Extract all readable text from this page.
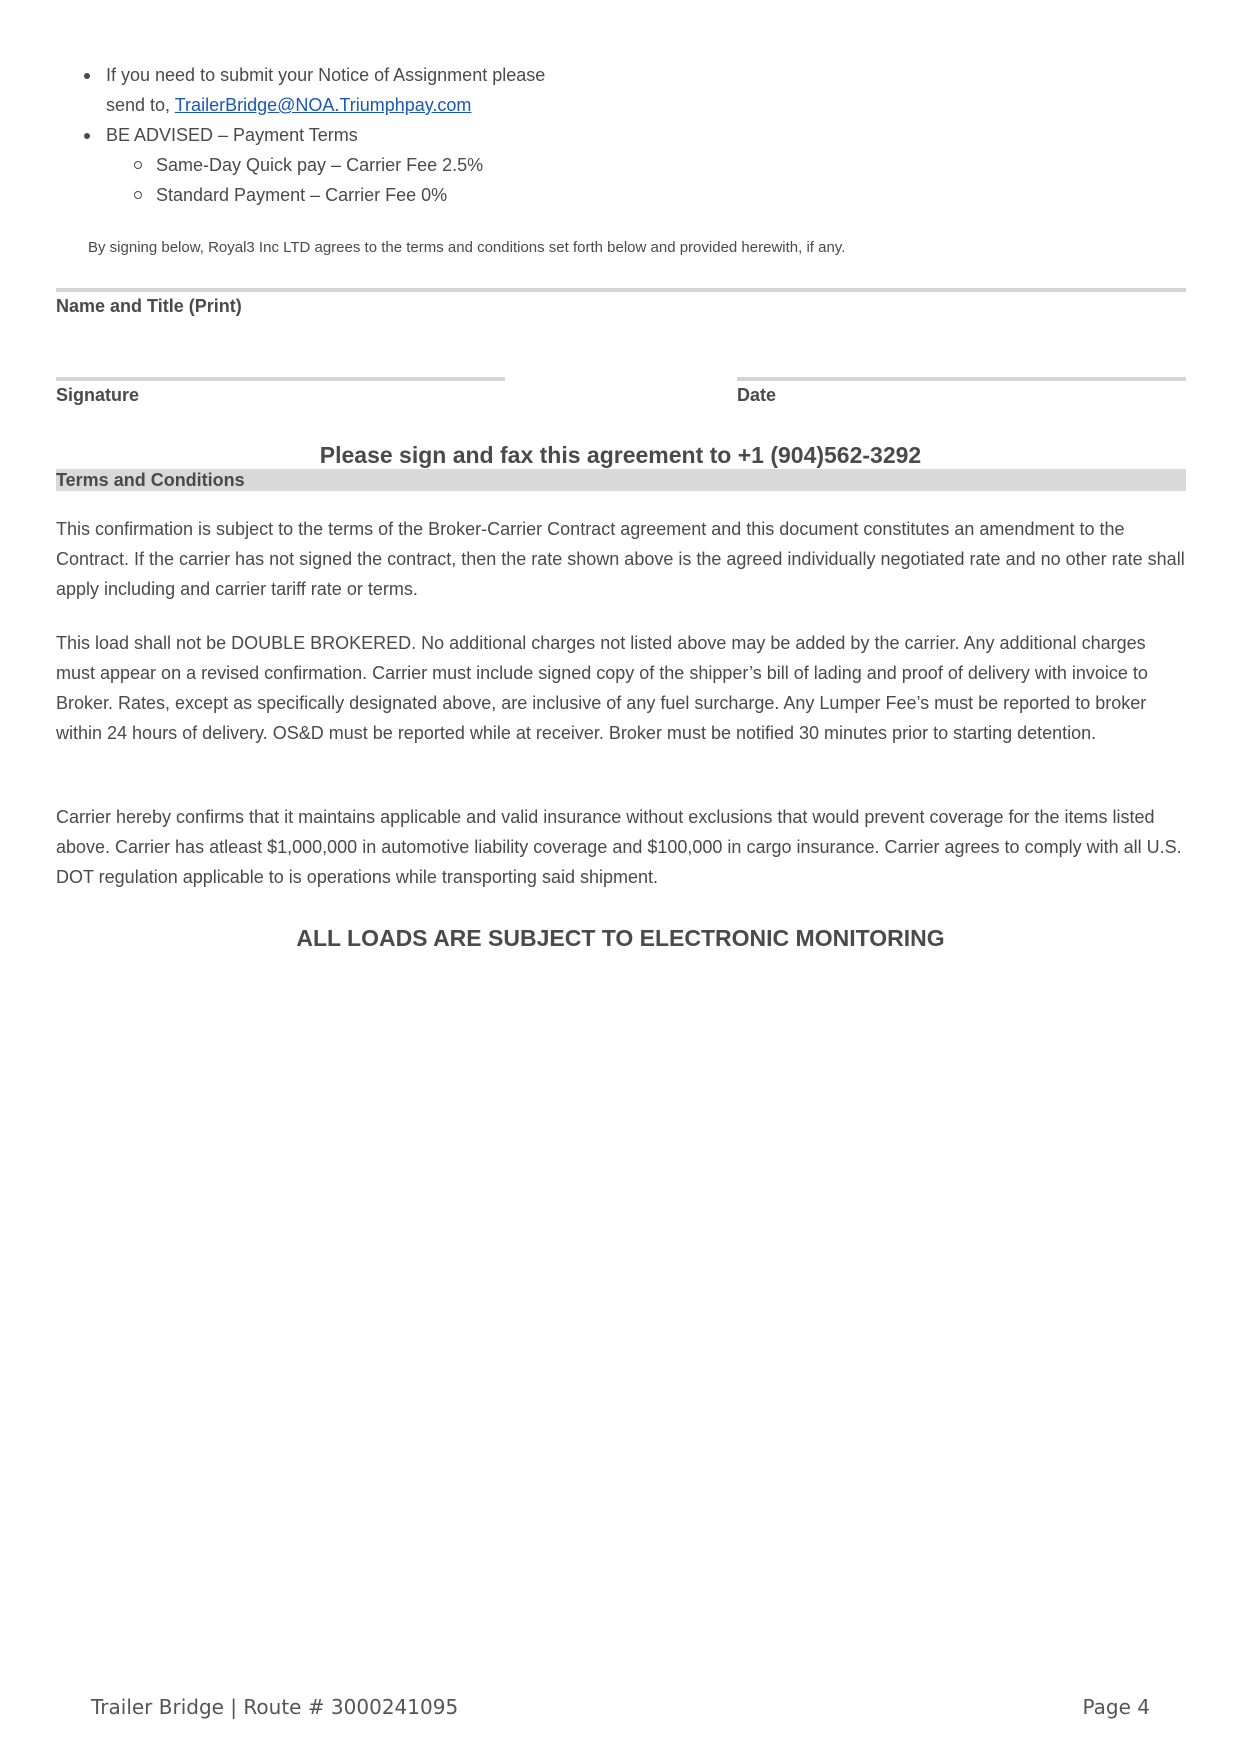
If you need to submit your Notice of Assignment please
send to, TrailerBridge@NOA.Triumphpay.com
BE ADVISED – Payment Terms
Same-Day Quick pay – Carrier Fee 2.5%
Standard Payment – Carrier Fee 0%
By signing below, Royal3 Inc LTD agrees to the terms and conditions set forth below and provided herewith, if any.
Name and Title (Print)
Signature	Date
Please sign and fax this agreement to +1 (904)562-3292
Terms and Conditions
This confirmation is subject to the terms of the Broker-Carrier Contract agreement and this document constitutes an amendment to the Contract. If the carrier has not signed the contract, then the rate shown above is the agreed individually negotiated rate and no other rate shall apply including and carrier tariff rate or terms.
This load shall not be DOUBLE BROKERED. No additional charges not listed above may be added by the carrier. Any additional charges must appear on a revised confirmation. Carrier must include signed copy of the shipper’s bill of lading and proof of delivery with invoice to Broker. Rates, except as specifically designated above, are inclusive of any fuel surcharge. Any Lumper Fee’s must be reported to broker within 24 hours of delivery. OS&D must be reported while at receiver. Broker must be notified 30 minutes prior to starting detention.
Carrier hereby confirms that it maintains applicable and valid insurance without exclusions that would prevent coverage for the items listed above. Carrier has atleast $1,000,000 in automotive liability coverage and $100,000 in cargo insurance. Carrier agrees to comply with all U.S. DOT regulation applicable to is operations while transporting said shipment.
ALL LOADS ARE SUBJECT TO ELECTRONIC MONITORING
Trailer Bridge | Route # 3000241095	Page 4
